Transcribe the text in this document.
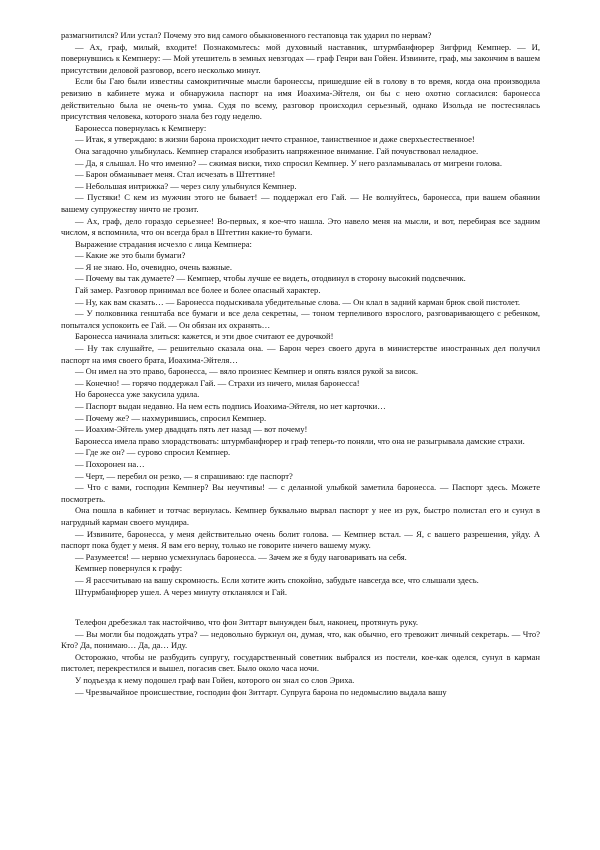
размагнитился? Или устал? Почему это вид самого обыкновенного гестаповца так ударил по нервам?

— Ах, граф, милый, входите! Познакомьтесь: мой духовный наставник, штурмбанфюрер Зигфрид Кемпнер. — И, повернувшись к Кемпнеру: — Мой утешитель в земных невзгодах — граф Генри ван Гойен. Извините, граф, мы закончим в вашем присутствии деловой разговор, всего несколько минут.

Если бы Гаю были известны самокритичные мысли баронессы, пришедшие ей в голову в то время, когда она производила ревизию в кабинете мужа и обнаружила паспорт на имя Иоахима-Эйтеля, он бы с нею охотно согласился: баронесса действительно была не очень-то умна. Судя по всему, разговор происходил серьезный, однако Изольда не постеснялась присутствия человека, которого знала без году неделю.

Баронесса повернулась к Кемпнеру:

— Итак, я утверждаю: в жизни барона происходит нечто странное, таинственное и даже сверхъестественное!

Она загадочно улыбнулась. Кемпнер старался изобразить напряженное внимание. Гай почувствовал неладное.

— Да, я слышал. Но что именно? — сжимая виски, тихо спросил Кемпнер. У него разламывалась от мигрени голова.

— Барон обманывает меня. Стал исчезать в Штеттине!

— Небольшая интрижка? — через силу улыбнулся Кемпнер.

— Пустяки! С кем из мужчин этого не бывает! — поддержал его Гай. — Не волнуйтесь, баронесса, при вашем обаянии вашему супружеству ничто не грозит.

— Ах, граф, дело гораздо серьезнее! Во-первых, я кое-что нашла. Это навело меня на мысли, и вот, перебирая все задним числом, я вспомнила, что он всегда брал в Штеттин какие-то бумаги.

Выражение страдания исчезло с лица Кемпнера:

— Какие же это были бумаги?

— Я не знаю. Но, очевидно, очень важные.

— Почему вы так думаете? — Кемпнер, чтобы лучше ее видеть, отодвинул в сторону высокий подсвечник.

Гай замер. Разговор принимал все более и более опасный характер.

— Ну, как вам сказать… — Баронесса подыскивала убедительные слова. — Он клал в задний карман брюк свой пистолет.

— У полковника генштаба все бумаги и все дела секретны, — тоном терпеливого взрослого, разговаривающего с ребенком, попытался успокоить ее Гай. — Он обязан их охранять…

Баронесса начинала злиться: кажется, и эти двое считают ее дурочкой!

— Ну так слушайте, — решительно сказала она. — Барон через своего друга в министерстве иностранных дел получил паспорт на имя своего брата, Иоахима-Эйтеля…

— Он имел на это право, баронесса, — вяло произнес Кемпнер и опять взялся рукой за висок.

— Конечно! — горячо поддержал Гай. — Страхи из ничего, милая баронесса!

Но баронесса уже закусила удила.

— Паспорт выдан недавно. На нем есть подпись Иоахима-Эйтеля, но нет карточки…

— Почему же? — нахмурившись, спросил Кемпнер.

— Иоахим-Эйтель умер двадцать пять лет назад — вот почему!

Баронесса имела право злорадствовать: штурмбанфюрер и граф теперь-то поняли, что она не разыгрывала дамские страхи.

— Где же он? — сурово спросил Кемпнер.

— Похоронен на…

— Черт, — перебил он резко, — я спрашиваю: где паспорт?

— Что с вами, господин Кемпнер? Вы неучтивы! — с деланной улыбкой заметила баронесса. — Паспорт здесь. Можете посмотреть.

Она пошла в кабинет и тотчас вернулась. Кемпнер буквально вырвал паспорт у нее из рук, быстро полистал его и сунул в нагрудный карман своего мундира.

— Извините, баронесса, у меня действительно очень болит голова. — Кемпнер встал. — Я, с вашего разрешения, уйду. А паспорт пока будет у меня. Я вам его верну, только не говорите ничего вашему мужу.

— Разумеется! — нервно усмехнулась баронесса. — Зачем же я буду наговаривать на себя.

Кемпнер повернулся к графу:

— Я рассчитываю на вашу скромность. Если хотите жить спокойно, забудьте навсегда все, что слышали здесь.

Штурмбанфюрер ушел. А через минуту откланялся и Гай.

Телефон дребезжал так настойчиво, что фон Зиттарт вынужден был, наконец, протянуть руку.

— Вы могли бы подождать утра? — недовольно буркнул он, думая, что, как обычно, его тревожит личный секретарь. — Что? Кто? Да, понимаю… Да, да… Иду.

Осторожно, чтобы не разбудить супругу, государственный советник выбрался из постели, кое-как оделся, сунул в карман пистолет, перекрестился и вышел, погасив свет. Было около часа ночи.

У подъезда к нему подошел граф ван Гойен, которого он знал со слов Эриха.

— Чрезвычайное происшествие, господин фон Зиттарт. Супруга барона по недомыслию выдала вашу
